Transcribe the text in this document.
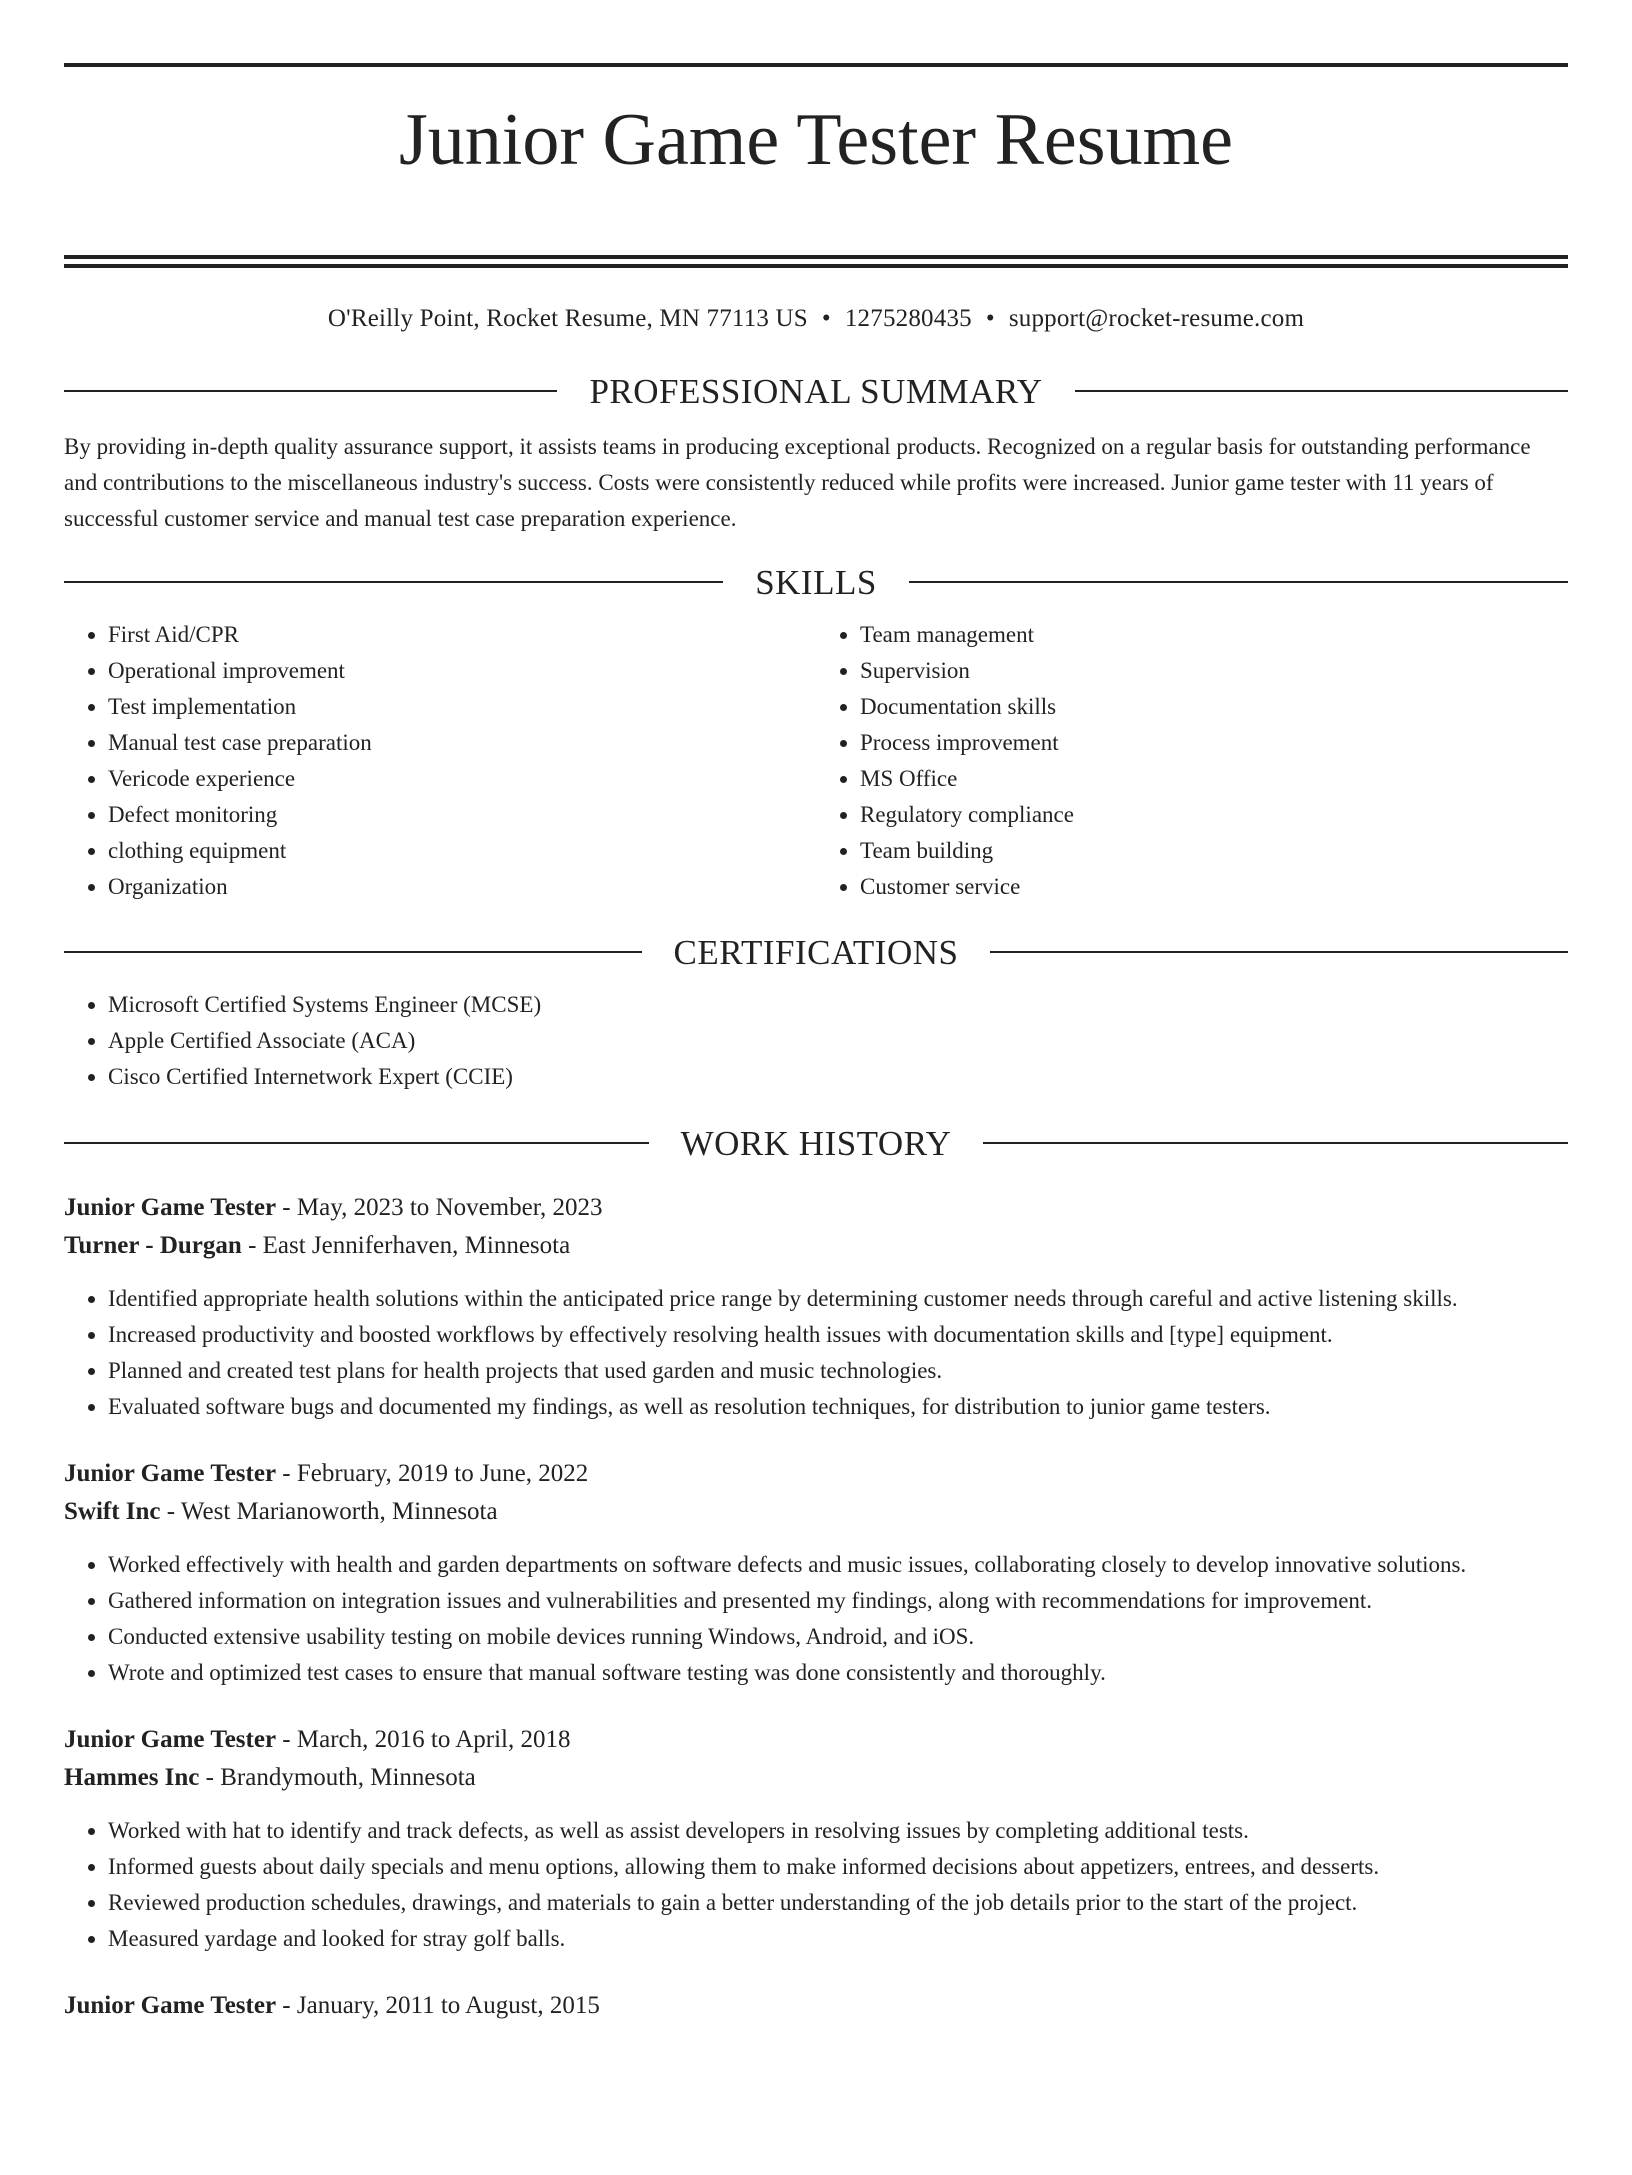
Junior Game Tester Resume
O'Reilly Point, Rocket Resume, MN 77113 US • 1275280435 • support@rocket-resume.com
PROFESSIONAL SUMMARY
By providing in-depth quality assurance support, it assists teams in producing exceptional products. Recognized on a regular basis for outstanding performance and contributions to the miscellaneous industry's success. Costs were consistently reduced while profits were increased. Junior game tester with 11 years of successful customer service and manual test case preparation experience.
SKILLS
• First Aid/CPR
• Operational improvement
• Test implementation
• Manual test case preparation
• Vericode experience
• Defect monitoring
• clothing equipment
• Organization
• Team management
• Supervision
• Documentation skills
• Process improvement
• MS Office
• Regulatory compliance
• Team building
• Customer service
CERTIFICATIONS
• Microsoft Certified Systems Engineer (MCSE)
• Apple Certified Associate (ACA)
• Cisco Certified Internetwork Expert (CCIE)
WORK HISTORY
Junior Game Tester - May, 2023 to November, 2023
Turner - Durgan - East Jenniferhaven, Minnesota
• Identified appropriate health solutions within the anticipated price range by determining customer needs through careful and active listening skills.
• Increased productivity and boosted workflows by effectively resolving health issues with documentation skills and [type] equipment.
• Planned and created test plans for health projects that used garden and music technologies.
• Evaluated software bugs and documented my findings, as well as resolution techniques, for distribution to junior game testers.
Junior Game Tester - February, 2019 to June, 2022
Swift Inc - West Marianoworth, Minnesota
• Worked effectively with health and garden departments on software defects and music issues, collaborating closely to develop innovative solutions.
• Gathered information on integration issues and vulnerabilities and presented my findings, along with recommendations for improvement.
• Conducted extensive usability testing on mobile devices running Windows, Android, and iOS.
• Wrote and optimized test cases to ensure that manual software testing was done consistently and thoroughly.
Junior Game Tester - March, 2016 to April, 2018
Hammes Inc - Brandymouth, Minnesota
• Worked with hat to identify and track defects, as well as assist developers in resolving issues by completing additional tests.
• Informed guests about daily specials and menu options, allowing them to make informed decisions about appetizers, entrees, and desserts.
• Reviewed production schedules, drawings, and materials to gain a better understanding of the job details prior to the start of the project.
• Measured yardage and looked for stray golf balls.
Junior Game Tester - January, 2011 to August, 2015
